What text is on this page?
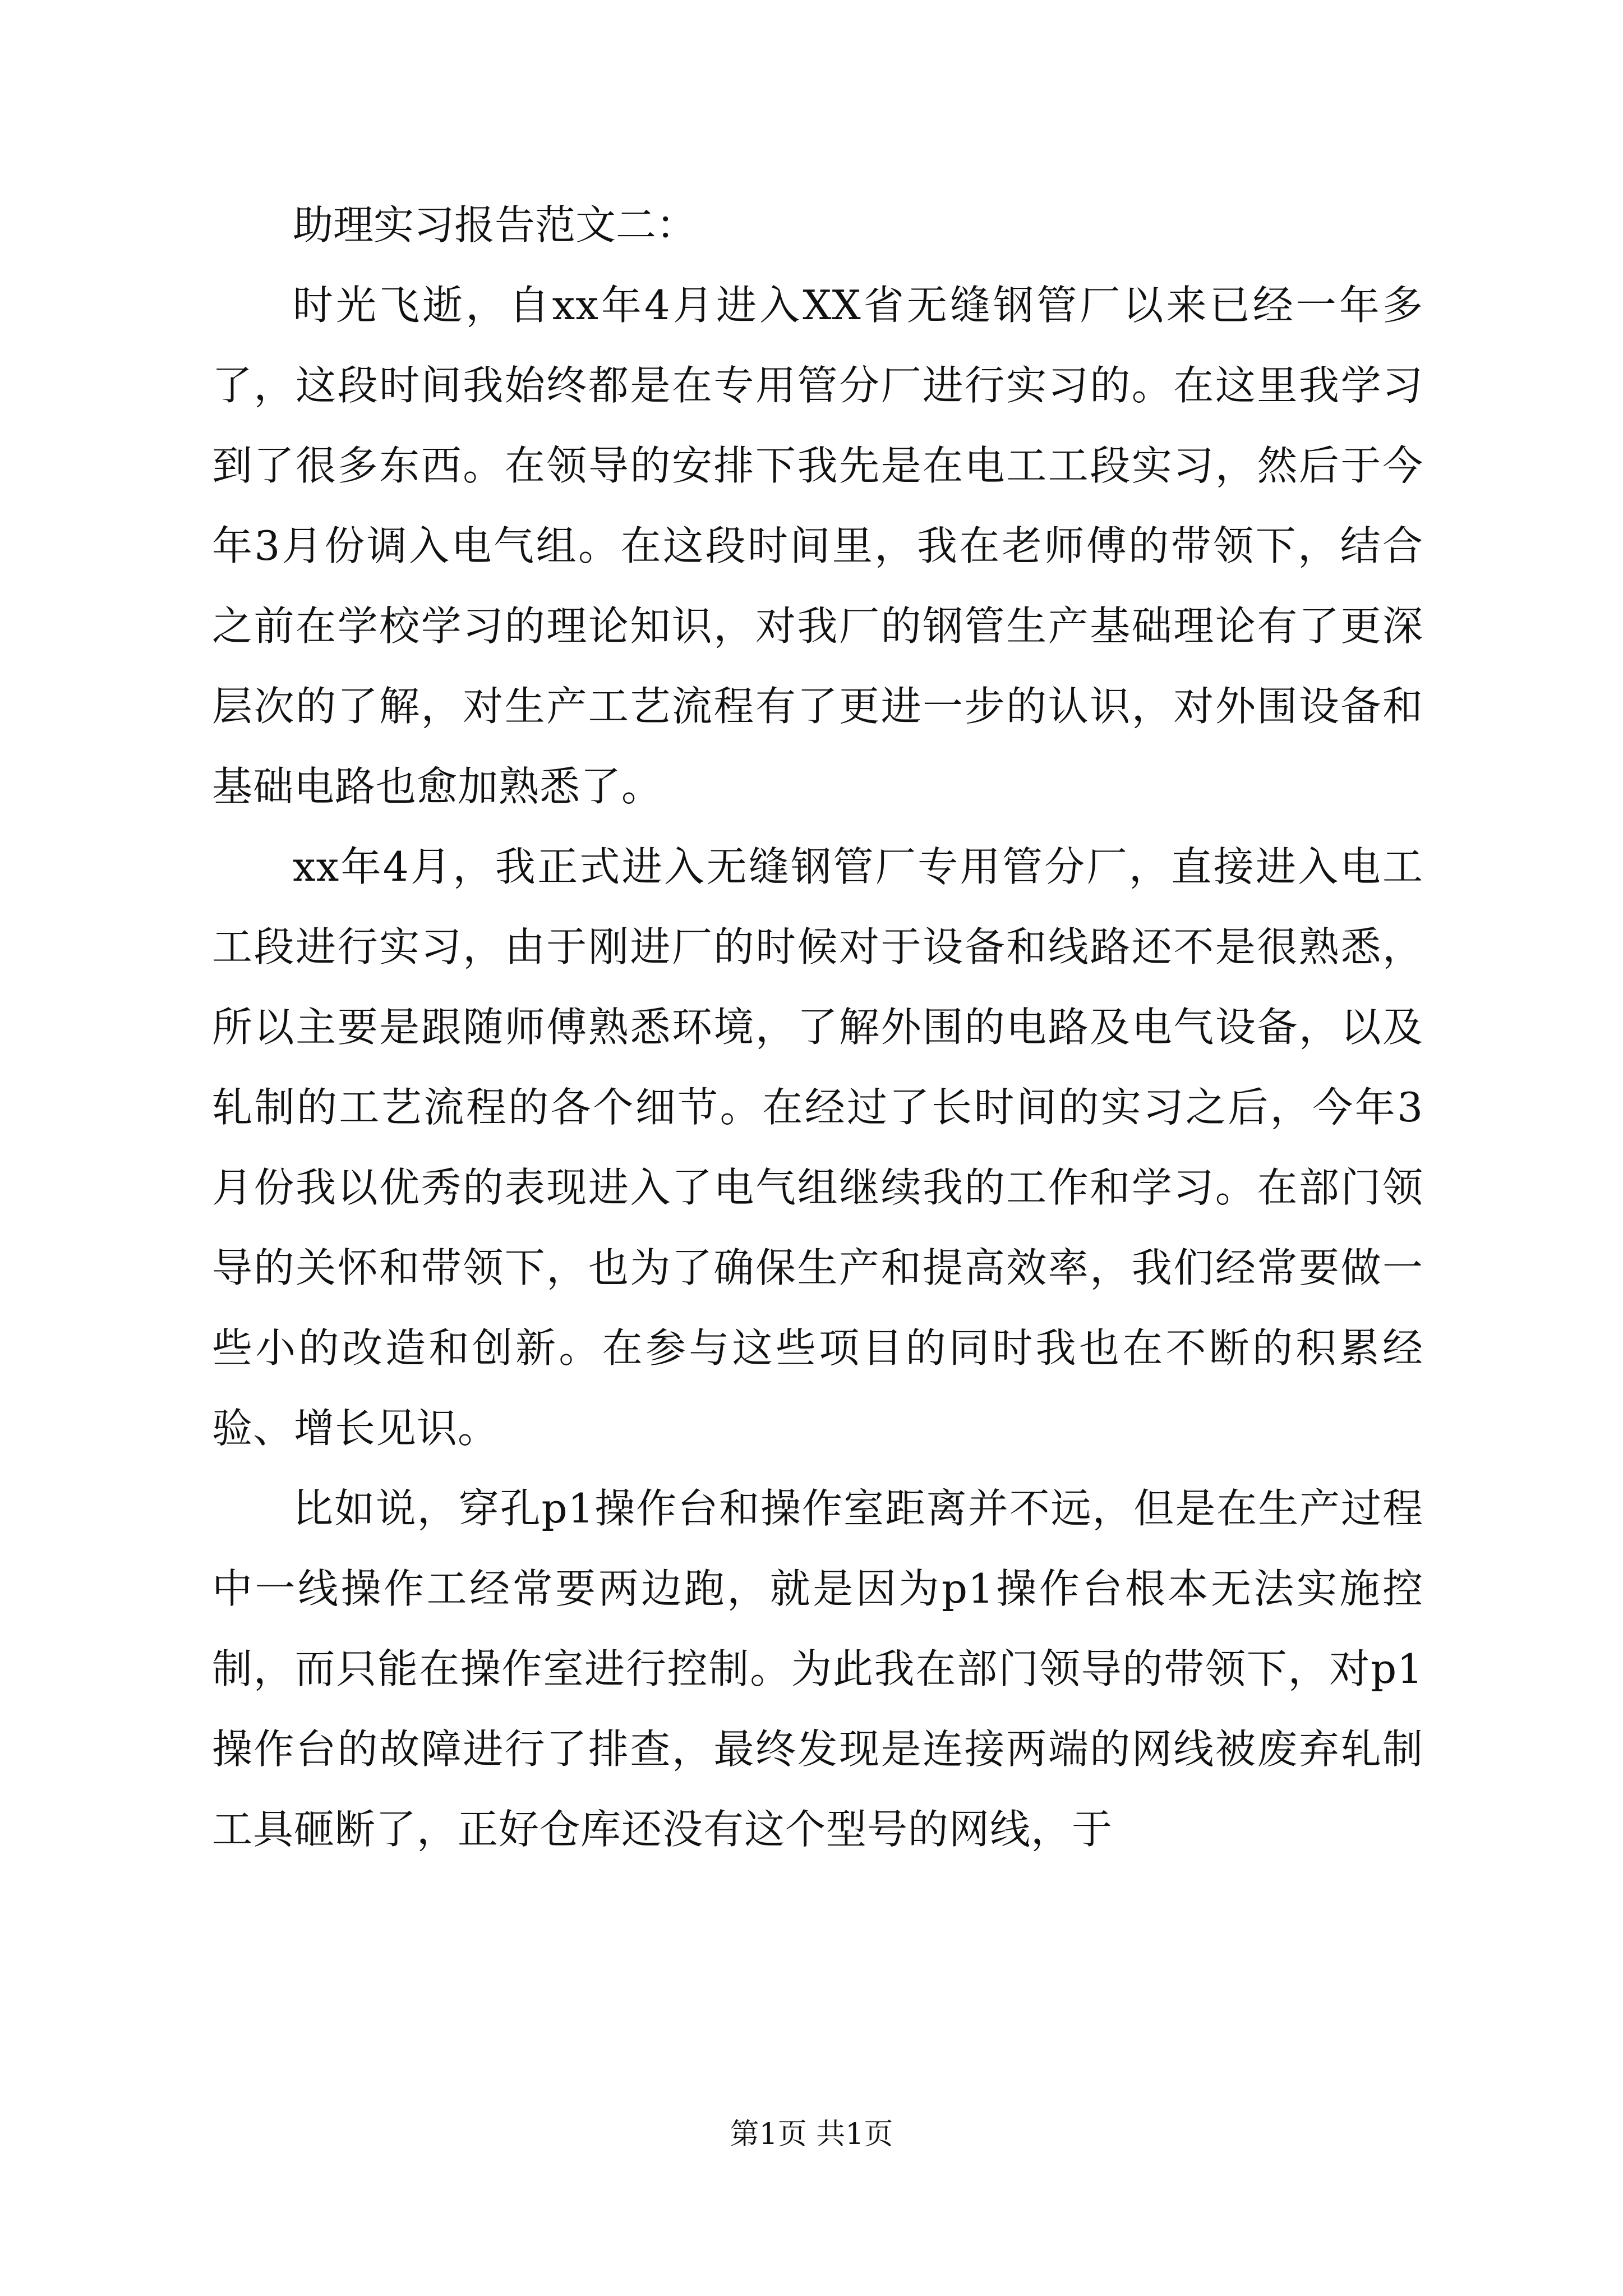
助理实习报告范文二：

时光飞逝，自xx年4月进入XX省无缝钢管厂以来已经一年多了，这段时间我始终都是在专用管分厂进行实习的。在这里我学习到了很多东西。在领导的安排下我先是在电工工段实习，然后于今年3月份调入电气组。在这段时间里，我在老师傅的带领下，结合之前在学校学习的理论知识，对我厂的钢管生产基础理论有了更深层次的了解，对生产工艺流程有了更进一步的认识，对外围设备和基础电路也愈加熟悉了。

xx年4月，我正式进入无缝钢管厂专用管分厂，直接进入电工工段进行实习，由于刚进厂的时候对于设备和线路还不是很熟悉，所以主要是跟随师傅熟悉环境，了解外围的电路及电气设备，以及轧制的工艺流程的各个细节。在经过了长时间的实习之后，今年3月份我以优秀的表现进入了电气组继续我的工作和学习。在部门领导的关怀和带领下，也为了确保生产和提高效率，我们经常要做一些小的改造和创新。在参与这些项目的同时我也在不断的积累经验、增长见识。

比如说，穿孔p1操作台和操作室距离并不远，但是在生产过程中一线操作工经常要两边跑，就是因为p1操作台根本无法实施控制，而只能在操作室进行控制。为此我在部门领导的带领下，对p1操作台的故障进行了排查，最终发现是连接两端的网线被废弃轧制工具砸断了，正好仓库还没有这个型号的网线，于

第1页 共1页
